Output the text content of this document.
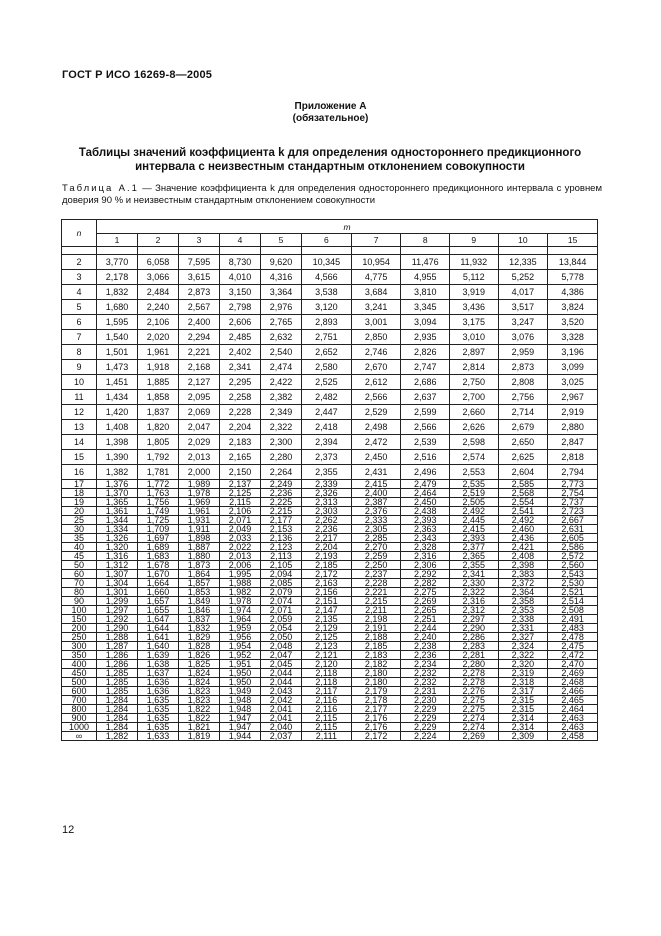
ГОСТ Р ИСО 16269-8—2005
Приложение А
(обязательное)
Таблицы значений коэффициента k для определения одностороннего предикционного интервала с неизвестным стандартным отклонением совокупности
Таблица А.1 — Значение коэффициента k для определения одностороннего предикционного интервала с уровнем доверия 90 % и неизвестным стандартным отклонением совокупности
n	m										
	1	2	3	4	5	6	7	8	9	10	15

2	3,770	6,058	7,595	8,730	9,620	10,345	10,954	11,476	11,932	12,335	13,844
3	2,178	3,066	3,615	4,010	4,316	4,566	4,775	4,955	5,112	5,252	5,778
4	1,832	2,484	2,873	3,150	3,364	3,538	3,684	3,810	3,919	4,017	4,386
5	1,680	2,240	2,567	2,798	2,976	3,120	3,241	3,345	3,436	3,517	3,824
6	1,595	2,106	2,400	2,606	2,765	2,893	3,001	3,094	3,175	3,247	3,520
7	1,540	2,020	2,294	2,485	2,632	2,751	2,850	2,935	3,010	3,076	3,328
8	1,501	1,961	2,221	2,402	2,540	2,652	2,746	2,826	2,897	2,959	3,196
9	1,473	1,918	2,168	2,341	2,474	2,580	2,670	2,747	2,814	2,873	3,099
10	1,451	1,885	2,127	2,295	2,422	2,525	2,612	2,686	2,750	2,808	3,025
11	1,434	1,858	2,095	2,258	2,382	2,482	2,566	2,637	2,700	2,756	2,967
12	1,420	1,837	2,069	2,228	2,349	2,447	2,529	2,599	2,660	2,714	2,919
13	1,408	1,820	2,047	2,204	2,322	2,418	2,498	2,566	2,626	2,679	2,880
14	1,398	1,805	2,029	2,183	2,300	2,394	2,472	2,539	2,598	2,650	2,847
15	1,390	1,792	2,013	2,165	2,280	2,373	2,450	2,516	2,574	2,625	2,818
16	1,382	1,781	2,000	2,150	2,264	2,355	2,431	2,496	2,553	2,604	2,794
17	1,376	1,772	1,989	2,137	2,249	2,339	2,415	2,479	2,535	2,585	2,773
18	1,370	1,763	1,978	2,125	2,236	2,326	2,400	2,464	2,519	2,568	2,754
19	1,365	1,756	1,969	2,115	2,225	2,313	2,387	2,450	2,505	2,554	2,737
20	1,361	1,749	1,961	2,106	2,215	2,303	2,376	2,438	2,492	2,541	2,723
25	1,344	1,725	1,931	2,071	2,177	2,262	2,333	2,393	2,445	2,492	2,667
30	1,334	1,709	1,911	2,049	2,153	2,236	2,305	2,363	2,415	2,460	2,631
35	1,326	1,697	1,898	2,033	2,136	2,217	2,285	2,343	2,393	2,436	2,605
40	1,320	1,689	1,887	2,022	2,123	2,204	2,270	2,328	2,377	2,421	2,586
45	1,316	1,683	1,880	2,013	2,113	2,193	2,259	2,316	2,365	2,408	2,572
50	1,312	1,678	1,873	2,006	2,105	2,185	2,250	2,306	2,355	2,398	2,560
60	1,307	1,670	1,864	1,995	2,094	2,172	2,237	2,292	2,341	2,383	2,543
70	1,304	1,664	1,857	1,988	2,085	2,163	2,228	2,282	2,330	2,372	2,530
80	1,301	1,660	1,853	1,982	2,079	2,156	2,221	2,275	2,322	2,364	2,521
90	1,299	1,657	1,849	1,978	2,074	2,151	2,215	2,269	2,316	2,358	2,514
100	1,297	1,655	1,846	1,974	2,071	2,147	2,211	2,265	2,312	2,353	2,508
150	1,292	1,647	1,837	1,964	2,059	2,135	2,198	2,251	2,297	2,338	2,491
200	1,290	1,644	1,832	1,959	2,054	2,129	2,191	2,244	2,290	2,331	2,483
250	1,288	1,641	1,829	1,956	2,050	2,125	2,188	2,240	2,286	2,327	2,478
300	1,287	1,640	1,828	1,954	2,048	2,123	2,185	2,238	2,283	2,324	2,475
350	1,286	1,639	1,826	1,952	2,047	2,121	2,183	2,236	2,281	2,322	2,472
400	1,286	1,638	1,825	1,951	2,045	2,120	2,182	2,234	2,280	2,320	2,470
450	1,285	1,637	1,824	1,950	2,044	2,118	2,180	2,232	2,278	2,319	2,469
500	1,285	1,636	1,824	1,950	2,044	2,118	2,180	2,232	2,278	2,318	2,468
600	1,285	1,636	1,823	1,949	2,043	2,117	2,179	2,231	2,276	2,317	2,466
700	1,284	1,635	1,823	1,948	2,042	2,116	2,178	2,230	2,275	2,315	2,465
800	1,284	1,635	1,822	1,948	2,041	2,116	2,177	2,229	2,275	2,315	2,464
900	1,284	1,635	1,822	1,947	2,041	2,115	2,176	2,229	2,274	2,314	2,463
1000	1,284	1,635	1,821	1,947	2,040	2,115	2,176	2,229	2,274	2,314	2,463
∞	1,282	1,633	1,819	1,944	2,037	2,111	2,172	2,224	2,269	2,309	2,458
12
